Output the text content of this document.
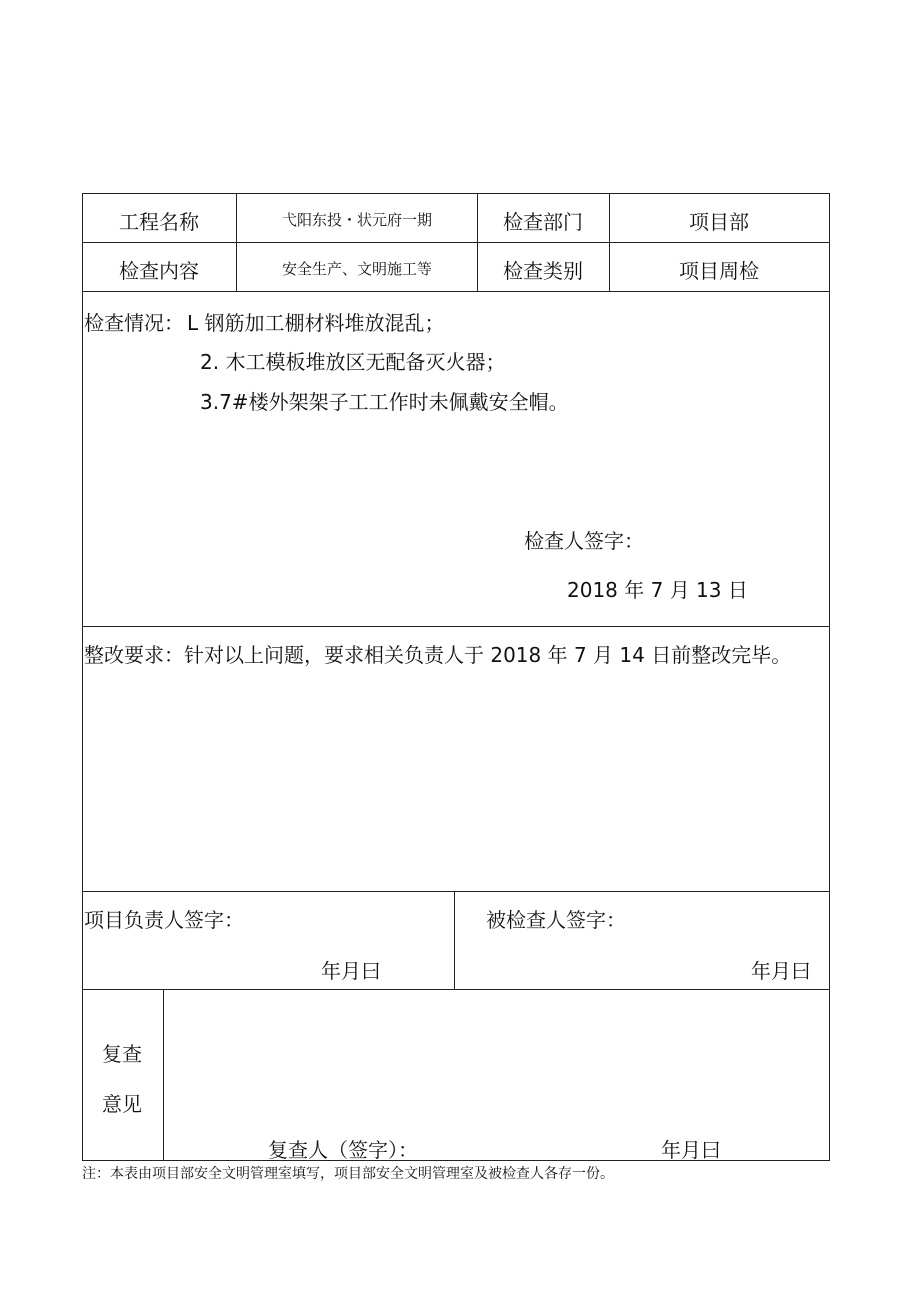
工程名称	弋阳东投・状元府一期	检查部门	项目部
检查内容	安全生产、文明施工等	检查类别	项目周检
检查情况： L 钢筋加工棚材料堆放混乱；
2. 木工模板堆放区无配备灭火器；
3.7#楼外架架子工工作时未佩戴安全帽。
检查人签字：
2018 年 7 月 13 日
整改要求：针对以上问题，要求相关负责人于 2018 年 7 月 14 日前整改完毕。
项目负责人签字：
年月曰
被检查人签字：
年月曰
复查
意见
复查人（签字）：	年月曰
注：本表由项目部安全文明管理室填写，项目部安全文明管理室及被检查人各存一份。
